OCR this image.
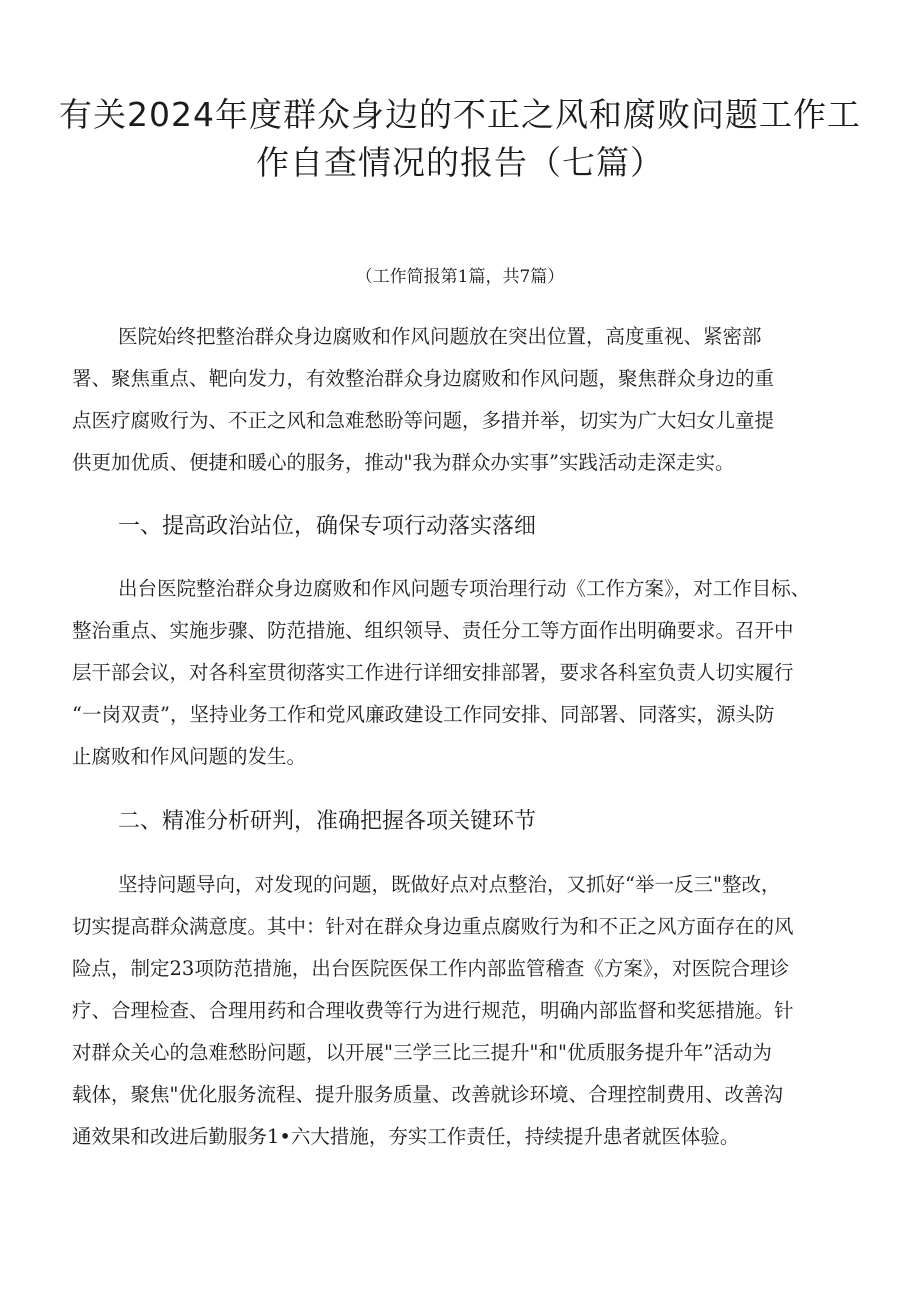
有关2024年度群众身边的不正之风和腐败问题工作工
作自查情况的报告（七篇）
（工作简报第1篇，共7篇）
医院始终把整治群众身边腐败和作风问题放在突出位置，高度重视、紧密部
署、聚焦重点、靶向发力，有效整治群众身边腐败和作风问题，聚焦群众身边的重
点医疗腐败行为、不正之风和急难愁盼等问题，多措并举，切实为广大妇女儿童提
供更加优质、便捷和暖心的服务，推动"我为群众办实事”实践活动走深走实。
一、提高政治站位，确保专项行动落实落细
出台医院整治群众身边腐败和作风问题专项治理行动《工作方案》，对工作目标、
整治重点、实施步骤、防范措施、组织领导、责任分工等方面作出明确要求。召开中
层干部会议，对各科室贯彻落实工作进行详细安排部署，要求各科室负责人切实履行
“一岗双责”，坚持业务工作和党风廉政建设工作同安排、同部署、同落实，源头防
止腐败和作风问题的发生。
二、精准分析研判，准确把握各项关键环节
坚持问题导向，对发现的问题，既做好点对点整治，又抓好“举一反三"整改，
切实提高群众满意度。其中：针对在群众身边重点腐败行为和不正之风方面存在的风
险点，制定23项防范措施，出台医院医保工作内部监管稽查《方案》，对医院合理诊
疗、合理检查、合理用药和合理收费等行为进行规范，明确内部监督和奖惩措施。针
对群众关心的急难愁盼问题，以开展"三学三比三提升"和"优质服务提升年”活动为
载体，聚焦"优化服务流程、提升服务质量、改善就诊环境、合理控制费用、改善沟
通效果和改进后勤服务1•六大措施，夯实工作责任，持续提升患者就医体验。
